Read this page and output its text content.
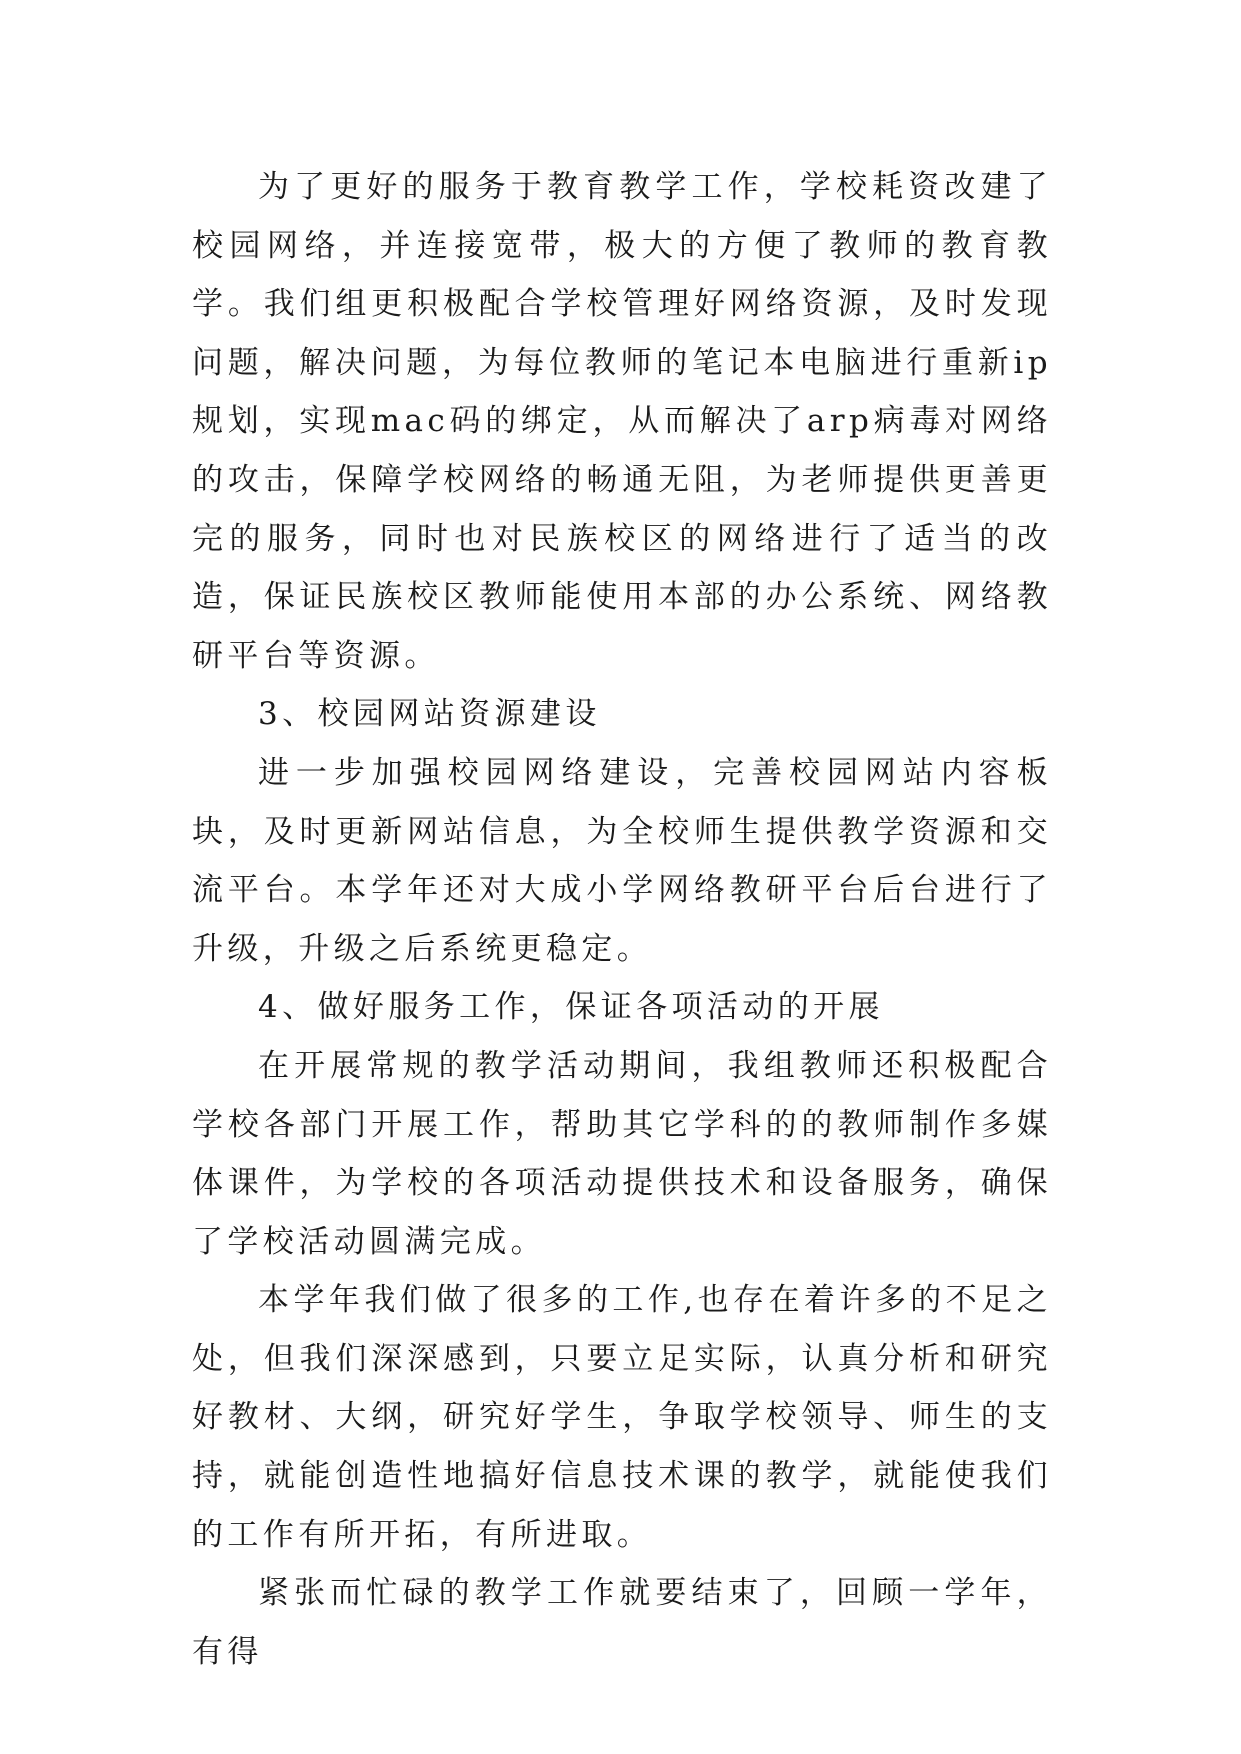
为了更好的服务于教育教学工作，学校耗资改建了校园网络，并连接宽带，极大的方便了教师的教育教学。我们组更积极配合学校管理好网络资源，及时发现问题，解决问题，为每位教师的笔记本电脑进行重新ip规划，实现mac码的绑定，从而解决了arp病毒对网络的攻击，保障学校网络的畅通无阻，为老师提供更善更完的服务，同时也对民族校区的网络进行了适当的改造，保证民族校区教师能使用本部的办公系统、网络教研平台等资源。

3、校园网站资源建设

进一步加强校园网络建设，完善校园网站内容板块，及时更新网站信息，为全校师生提供教学资源和交流平台。本学年还对大成小学网络教研平台后台进行了升级，升级之后系统更稳定。

4、做好服务工作，保证各项活动的开展

在开展常规的教学活动期间，我组教师还积极配合学校各部门开展工作，帮助其它学科的的教师制作多媒体课件，为学校的各项活动提供技术和设备服务，确保了学校活动圆满完成。

本学年我们做了很多的工作,也存在着许多的不足之处，但我们深深感到，只要立足实际，认真分析和研究好教材、大纲，研究好学生，争取学校领导、师生的支持，就能创造性地搞好信息技术课的教学，就能使我们的工作有所开拓，有所进取。

紧张而忙碌的教学工作就要结束了，回顾一学年，有得
